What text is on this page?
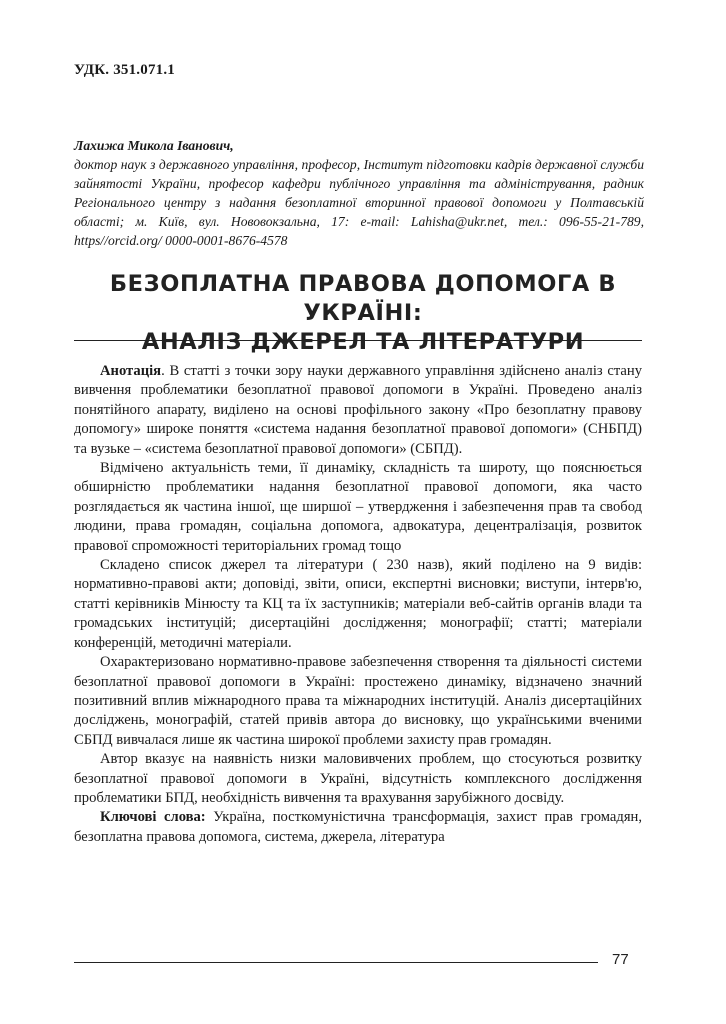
УДК. 351.071.1
Лахижа Микола Іванович,
доктор наук з державного управління, професор, Інститут підготовки кадрів державної служби зайнятості України, професор кафедри публічного управління та адміністрування, радник Регіонального центру з надання безоплатної вторинної правової допомоги у Полтавській області; м. Київ, вул. Нововокзальна, 17: e-mail: Lahisha@ukr.net, тел.: 096-55-21-789, https//orcid.org/ 0000-0001-8676-4578
БЕЗОПЛАТНА ПРАВОВА ДОПОМОГА В УКРАЇНІ:
АНАЛІЗ ДЖЕРЕЛ ТА ЛІТЕРАТУРИ

Анотація. В статті з точки зору науки державного управління здійснено аналіз стану вивчення проблематики безоплатної правової допомоги в Україні. Проведено аналіз понятійного апарату, виділено на основі профільного закону «Про безоплатну правову допомогу» широке поняття «система надання безоплатної правової допомоги» (СНБПД) та вузьке – «система безоплатної правової допомоги» (СБПД).

Відмічено актуальність теми, її динаміку, складність та широту, що пояснюється обширністю проблематики надання безоплатної правової допомоги, яка часто розглядається як частина іншої, ще ширшої – утвердження і забезпечення прав та свобод людини, права громадян, соціальна допомога, адвокатура, децентралізація, розвиток правової спроможності територіальних громад тощо

Складено список джерел та літератури ( 230 назв), який поділено на 9 видів: нормативно-правові акти; доповіді, звіти, описи, експертні висновки; виступи, інтерв'ю, статті керівників Мінюсту та КЦ та їх заступників; матеріали веб-сайтів органів влади та громадських інституцій; дисертаційні дослідження; монографії; статті; матеріали конференцій, методичні матеріали.

Охарактеризовано нормативно-правове забезпечення створення та діяльності системи безоплатної правової допомоги в Україні: простежено динаміку, відзначено значний позитивний вплив міжнародного права та міжнародних інституцій. Аналіз дисертаційних досліджень, монографій, статей привів автора до висновку, що українськими вченими СБПД вивчалася лише як частина широкої проблеми захисту прав громадян.

Автор вказує на наявність низки маловивчених проблем, що стосуються розвитку безоплатної правової допомоги в Україні, відсутність комплексного дослідження проблематики БПД, необхідність вивчення та врахування зарубіжного досвіду.

Ключові слова: Україна, посткомуністична трансформація, захист прав громадян, безоплатна правова допомога, система, джерела, література

77
